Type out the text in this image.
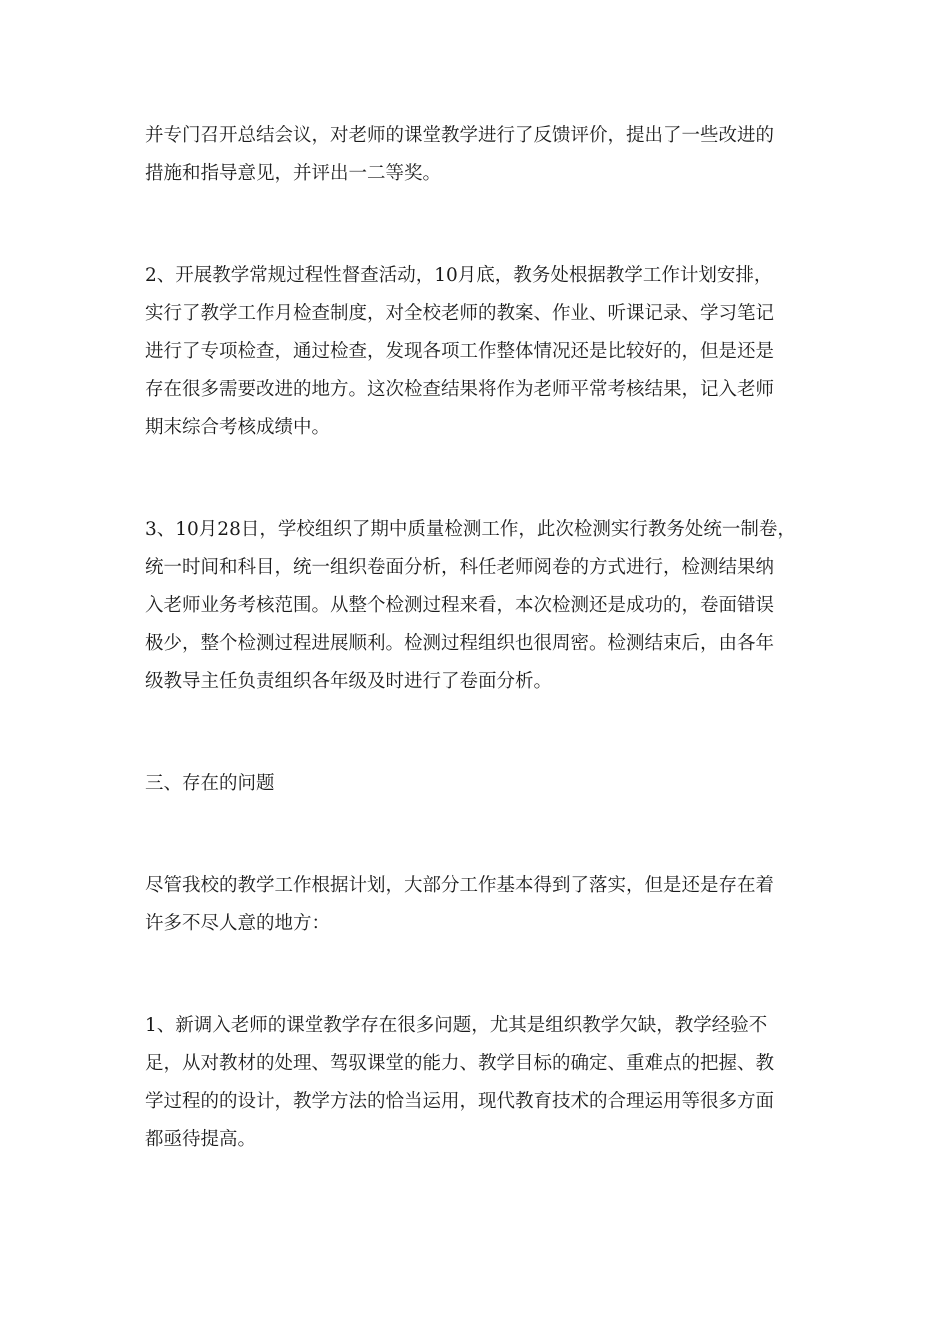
并专门召开总结会议，对老师的课堂教学进行了反馈评价，提出了一些改进的

措施和指导意见，并评出一二等奖。

2、开展教学常规过程性督查活动，10月底，教务处根据教学工作计划安排，

实行了教学工作月检查制度，对全校老师的教案、作业、听课记录、学习笔记

进行了专项检查，通过检查，发现各项工作整体情况还是比较好的，但是还是

存在很多需要改进的地方。这次检查结果将作为老师平常考核结果，记入老师

期末综合考核成绩中。

3、10月28日，学校组织了期中质量检测工作，此次检测实行教务处统一制卷，

统一时间和科目，统一组织卷面分析，科任老师阅卷的方式进行，检测结果纳

入老师业务考核范围。从整个检测过程来看，本次检测还是成功的，卷面错误

极少，整个检测过程进展顺利。检测过程组织也很周密。检测结束后，由各年

级教导主任负责组织各年级及时进行了卷面分析。

三、存在的问题

尽管我校的教学工作根据计划，大部分工作基本得到了落实，但是还是存在着

许多不尽人意的地方：

1、新调入老师的课堂教学存在很多问题，尤其是组织教学欠缺，教学经验不

足，从对教材的处理、驾驭课堂的能力、教学目标的确定、重难点的把握、教

学过程的的设计，教学方法的恰当运用，现代教育技术的合理运用等很多方面

都亟待提高。
